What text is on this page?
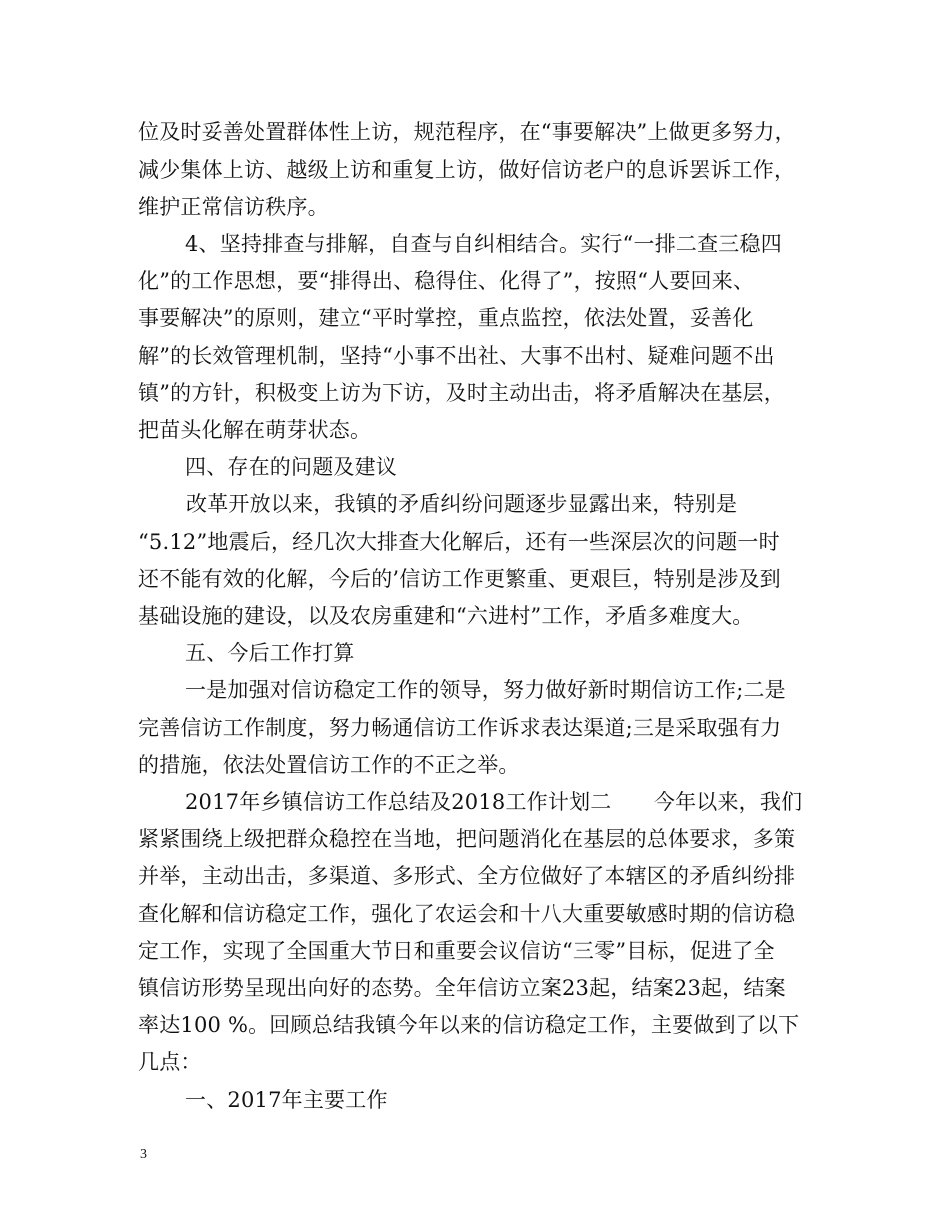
位及时妥善处置群体性上访，规范程序，在“事要解决”上做更多努力，
减少集体上访、越级上访和重复上访，做好信访老户的息诉罢诉工作，
维护正常信访秩序。
4、坚持排查与排解，自查与自纠相结合。实行“一排二查三稳四
化”的工作思想，要“排得出、稳得住、化得了”，按照“人要回来、
事要解决”的原则，建立“平时掌控，重点监控，依法处置，妥善化
解”的长效管理机制，坚持“小事不出社、大事不出村、疑难问题不出
镇”的方针，积极变上访为下访，及时主动出击，将矛盾解决在基层，
把苗头化解在萌芽状态。
四、存在的问题及建议
改革开放以来，我镇的矛盾纠纷问题逐步显露出来，特别是
“5.12”地震后，经几次大排查大化解后，还有一些深层次的问题一时
还不能有效的化解，今后的’信访工作更繁重、更艰巨，特别是涉及到
基础设施的建设，以及农房重建和“六进村”工作，矛盾多难度大。
五、今后工作打算
一是加强对信访稳定工作的领导，努力做好新时期信访工作;二是
完善信访工作制度，努力畅通信访工作诉求表达渠道;三是采取强有力
的措施，依法处置信访工作的不正之举。
2017年乡镇信访工作总结及2018工作计划二　　今年以来，我们
紧紧围绕上级把群众稳控在当地，把问题消化在基层的总体要求，多策
并举，主动出击，多渠道、多形式、全方位做好了本辖区的矛盾纠纷排
查化解和信访稳定工作，强化了农运会和十八大重要敏感时期的信访稳
定工作，实现了全国重大节日和重要会议信访“三零”目标，促进了全
镇信访形势呈现出向好的态势。全年信访立案23起，结案23起，结案
率达100 %。回顾总结我镇今年以来的信访稳定工作，主要做到了以下
几点：
一、2017年主要工作
3
